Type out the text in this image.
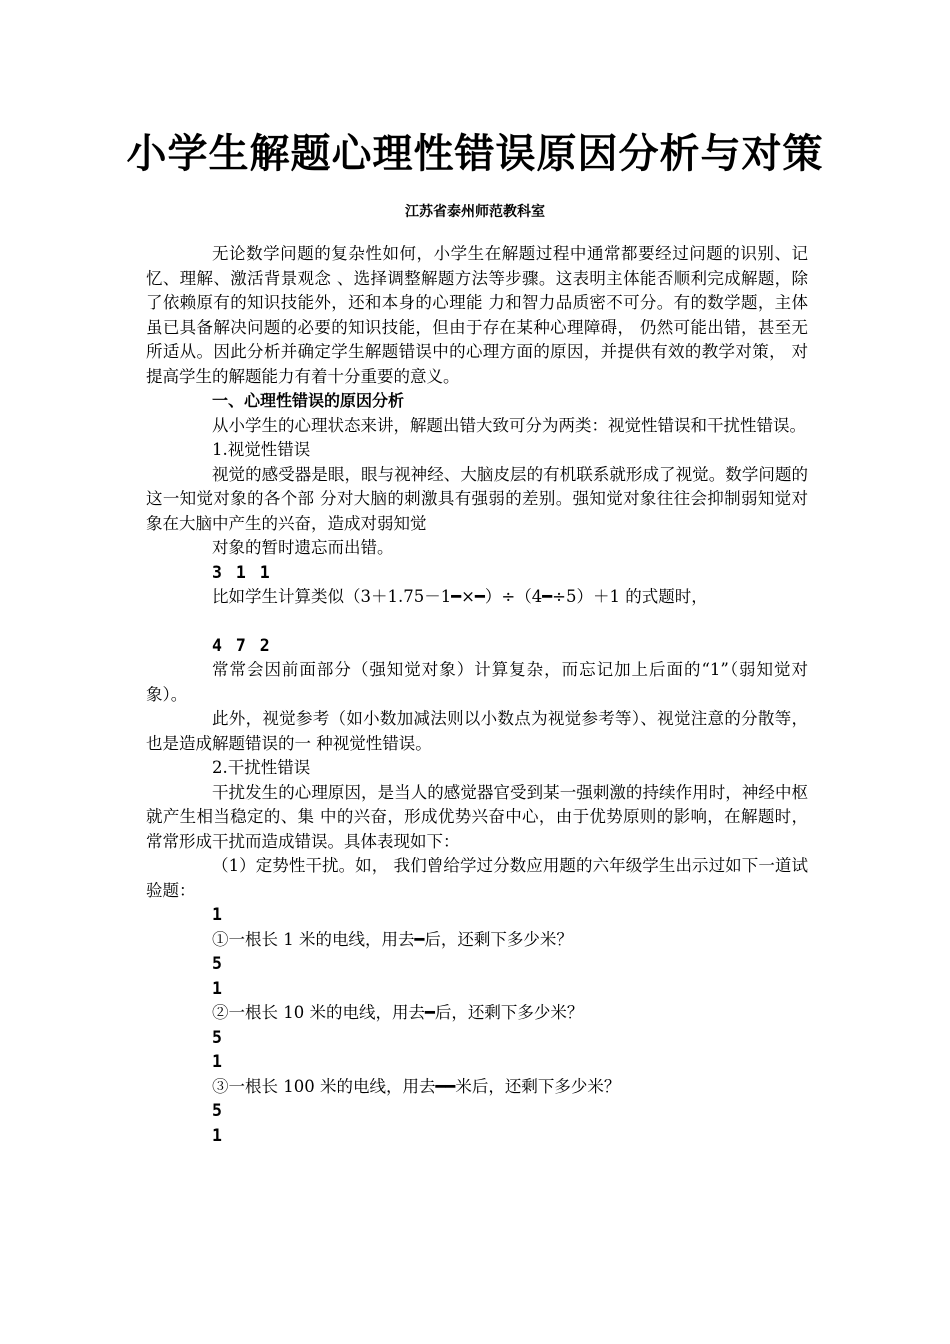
小学生解题心理性错误原因分析与对策
江苏省泰州师范教科室

无论数学问题的复杂性如何，小学生在解题过程中通常都要经过问题的识别、记忆、理解、激活背景观念 、选择调整解题方法等步骤。这表明主体能否顺利完成解题，除了依赖原有的知识技能外，还和本身的心理能 力和智力品质密不可分。有的数学题，主体虽已具备解决问题的必要的知识技能，但由于存在某种心理障碍， 仍然可能出错，甚至无所适从。因此分析并确定学生解题错误中的心理方面的原因，并提供有效的教学对策， 对提高学生的解题能力有着十分重要的意义。

一、心理性错误的原因分析

从小学生的心理状态来讲，解题出错大致可分为两类：视觉性错误和干扰性错误。

1.视觉性错误

视觉的感受器是眼，眼与视神经、大脑皮层的有机联系就形成了视觉。数学问题的这一知觉对象的各个部 分对大脑的刺激具有强弱的差别。强知觉对象往往会抑制弱知觉对象在大脑中产生的兴奋，造成对弱知觉

对象的暂时遗忘而出错。

3 1 1

比如学生计算类似（3＋1.75－1━×━）÷（4━÷5）＋1 的式题时，

4 7 2

常常会因前面部分（强知觉对象）计算复杂，而忘记加上后面的“1”（弱知觉对象）。

此外，视觉参考（如小数加减法则以小数点为视觉参考等）、视觉注意的分散等，也是造成解题错误的一 种视觉性错误。

2.干扰性错误

干扰发生的心理原因，是当人的感觉器官受到某一强刺激的持续作用时，神经中枢就产生相当稳定的、集 中的兴奋，形成优势兴奋中心，由于优势原则的影响，在解题时，常常形成干扰而造成错误。具体表现如下：

（1）定势性干扰。如， 我们曾给学过分数应用题的六年级学生出示过如下一道试验题：

1

①一根长 1 米的电线，用去━后，还剩下多少米？

5

1

②一根长 10 米的电线，用去━后，还剩下多少米？

5

1

③一根长 100 米的电线，用去━━米后，还剩下多少米？

5

1
